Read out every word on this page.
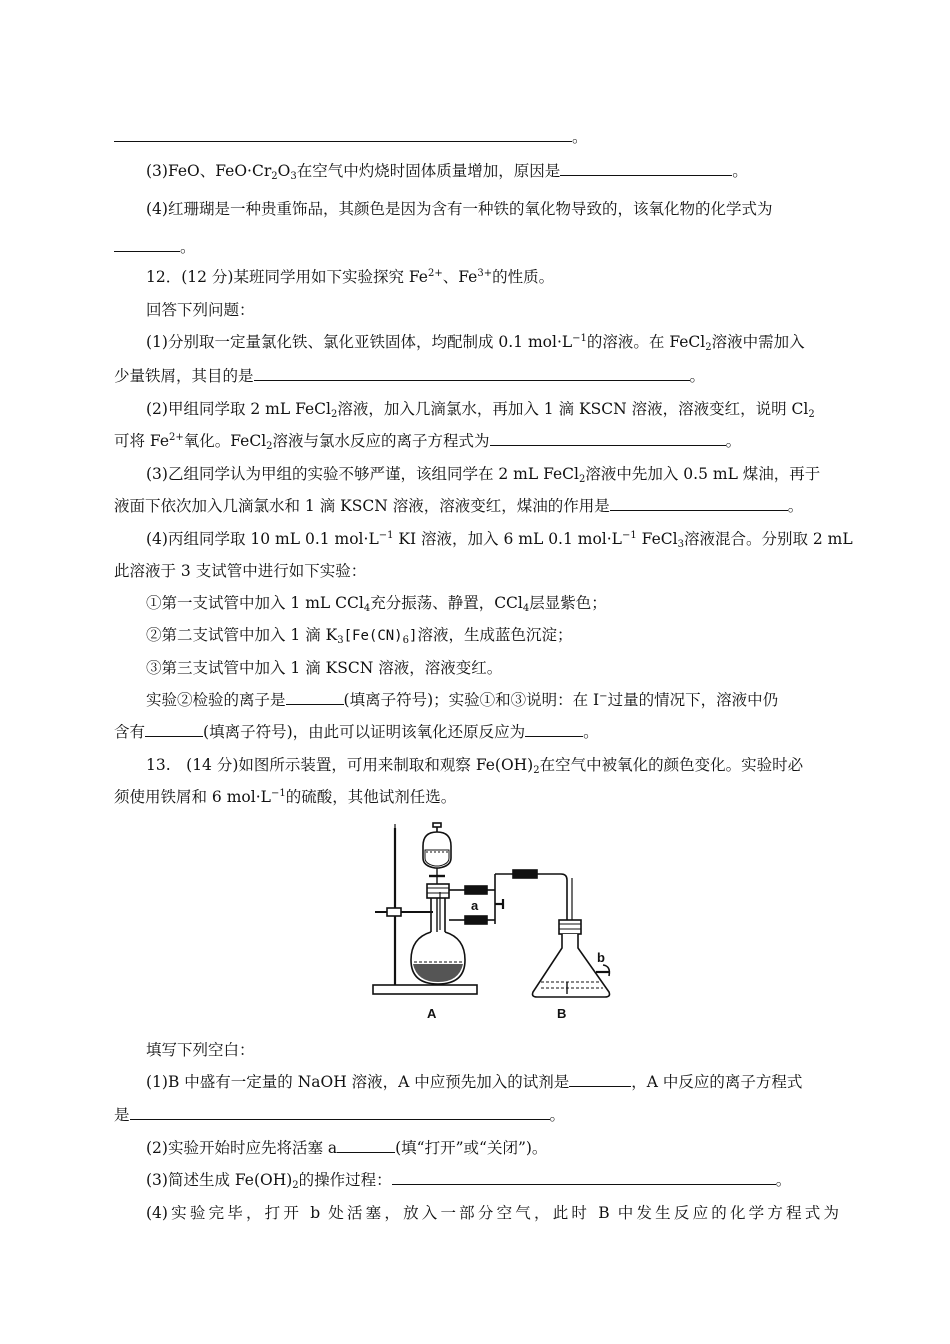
。
(3)FeO、$FeO\cdot Cr_2O_3$在空气中灼烧时固体质量增加，原因是	。
(4)红珊瑚是一种贵重饰品，其颜色是因为含有一种铁的氧化物导致的，该氧化物的化学式为
。
12．(12 分)某班同学用如下实验探究 $Fe^{2+}$、$Fe^{3+}$的性质。
回答下列问题：
(1)分别取一定量氯化铁、氯化亚铁固体，均配制成 0.1 $mol\cdot L^{-1}$的溶液。在 FeCl$_2$溶液中需加入
少量铁屑，其目的是	。
(2)甲组同学取 2 mL FeCl$_2$溶液，加入几滴氯水，再加入 1 滴 KSCN 溶液，溶液变红，说明 $Cl_2$
可将 $Fe^{2+}$氧化。FeCl$_2$溶液与氯水反应的离子方程式为	。
(3)乙组同学认为甲组的实验不够严谨，该组同学在 2 mL FeCl$_2$溶液中先加入 0.5 mL 煤油，再于
液面下依次加入几滴氯水和 1 滴 KSCN 溶液，溶液变红，煤油的作用是	。
(4)丙组同学取 10 mL 0.1 $mol\cdot L^{-1}$ KI 溶液，加入 6 mL 0.1 $mol\cdot L^{-1}$ FeCl$_3$溶液混合。分别取 2 mL
此溶液于 3 支试管中进行如下实验：
①第一支试管中加入 1 mL CCl$_4$充分振荡、静置，CCl$_4$层显紫色；
②第二支试管中加入 1 滴 $K_3[Fe(CN)_6]$溶液，生成蓝色沉淀；
③第三支试管中加入 1 滴 KSCN 溶液，溶液变红。
实验②检验的离子是	(填离子符号)；实验①和③说明：在 I−过量的情况下，溶液中仍
含有	(填离子符号)，由此可以证明该氧化还原反应为	。
13.　(14 分)如图所示装置，可用来制取和观察 $Fe(OH)_2$在空气中被氧化的颜色变化。实验时必
须使用铁屑和 6 $mol\cdot L^{-1}$的硫酸，其他试剂任选。
A	B
a
b
填写下列空白：
(1)B 中盛有一定量的 NaOH 溶液，A 中应预先加入的试剂是	，A 中反应的离子方程式
是	。
(2)实验开始时应先将活塞 a	(填“打开”或“关闭”)。
(3)简述生成 $Fe(OH)_2$的操作过程：	。
(4)实验完毕，打开 b 处活塞，放入一部分空气，此时 B 中发生反应的化学方程式为
